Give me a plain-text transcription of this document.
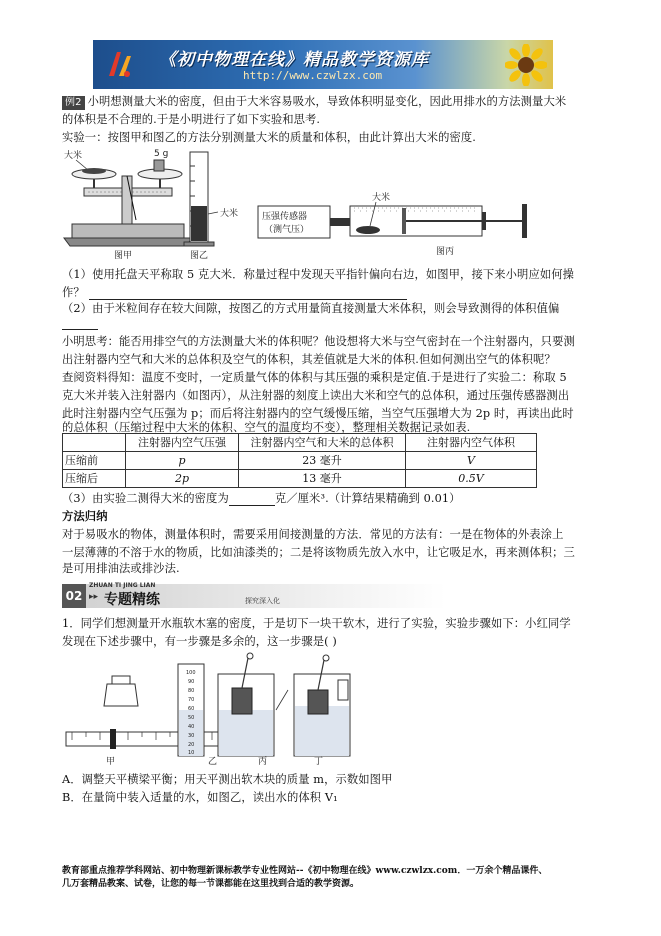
《初中物理在线》精品教学资源库
http://www.czwlzx.com
例2 小明想测量大米的密度，但由于大米容易吸水，导致体积明显变化，因此用排水的方法测量大米
的体积是不合理的.于是小明进行了如下实验和思考.
实验一：按图甲和图乙的方法分别测量大米的质量和体积，由此计算出大米的密度.
大米	5 g
图甲
大米
图乙
压强传感器
（测气压）
大米
图丙
（1）使用托盘天平称取 5 克大米．称量过程中发现天平指针偏向右边，如图甲，接下来小明应如何操
作？
（2）由于米粒间存在较大间隙，按图乙的方式用量筒直接测量大米体积，则会导致测得的体积值偏
小明思考：能否用排空气的方法测量大米的体积呢？他设想将大米与空气密封在一个注射器内，只要测
出注射器内空气和大米的总体积及空气的体积，其差值就是大米的体积.但如何测出空气的体积呢？
查阅资料得知：温度不变时，一定质量气体的体积与其压强的乘积是定值.于是进行了实验二：称取 5
克大米并装入注射器内（如图丙），从注射器的刻度上读出大米和空气的总体积，通过压强传感器测出
此时注射器内空气压强为 p；而后将注射器内的空气缓慢压缩，当空气压强增大为 2p 时，再读出此时
的总体积（压缩过程中大米的体积、空气的温度均不变），整理相关数据记录如表.
	注射器内空气压强	注射器内空气和大米的总体积	注射器内空气体积
压缩前	p	23 毫升	V
压缩后	2p	13 毫升	0.5V
（3）由实验二测得大米的密度为	克／厘米³.（计算结果精确到 0.01）
方法归纳
对于易吸水的物体，测量体积时，需要采用间接测量的方法．常见的方法有：一是在物体的外表涂上
一层薄薄的不溶于水的物质，比如油漆类的；二是将该物质先放入水中，让它吸足水，再来测体积；三
是可用排油法或排沙法.
02
ZHUAN TI JING LIAN
▸▸ 专题精练	探究深入化
1．同学们想测量开水瓶软木塞的密度，于是切下一块干软木，进行了实验，实验步骤如下：小红同学
发现在下述步骤中，有一步骤是多余的，这一步骤是( )
甲
100
90
80
70
60
50
40
30
20
10
乙	丙	丁
A．调整天平横梁平衡；用天平测出软木块的质量 m，示数如图甲
B．在量筒中装入适量的水，如图乙，读出水的体积 V₁
教育部重点推荐学科网站、初中物理新课标教学专业性网站--《初中物理在线》www.czwlzx.com．一万余个精品课件、
几万套精品教案、试卷，让您的每一节课都能在这里找到合适的教学资源。
